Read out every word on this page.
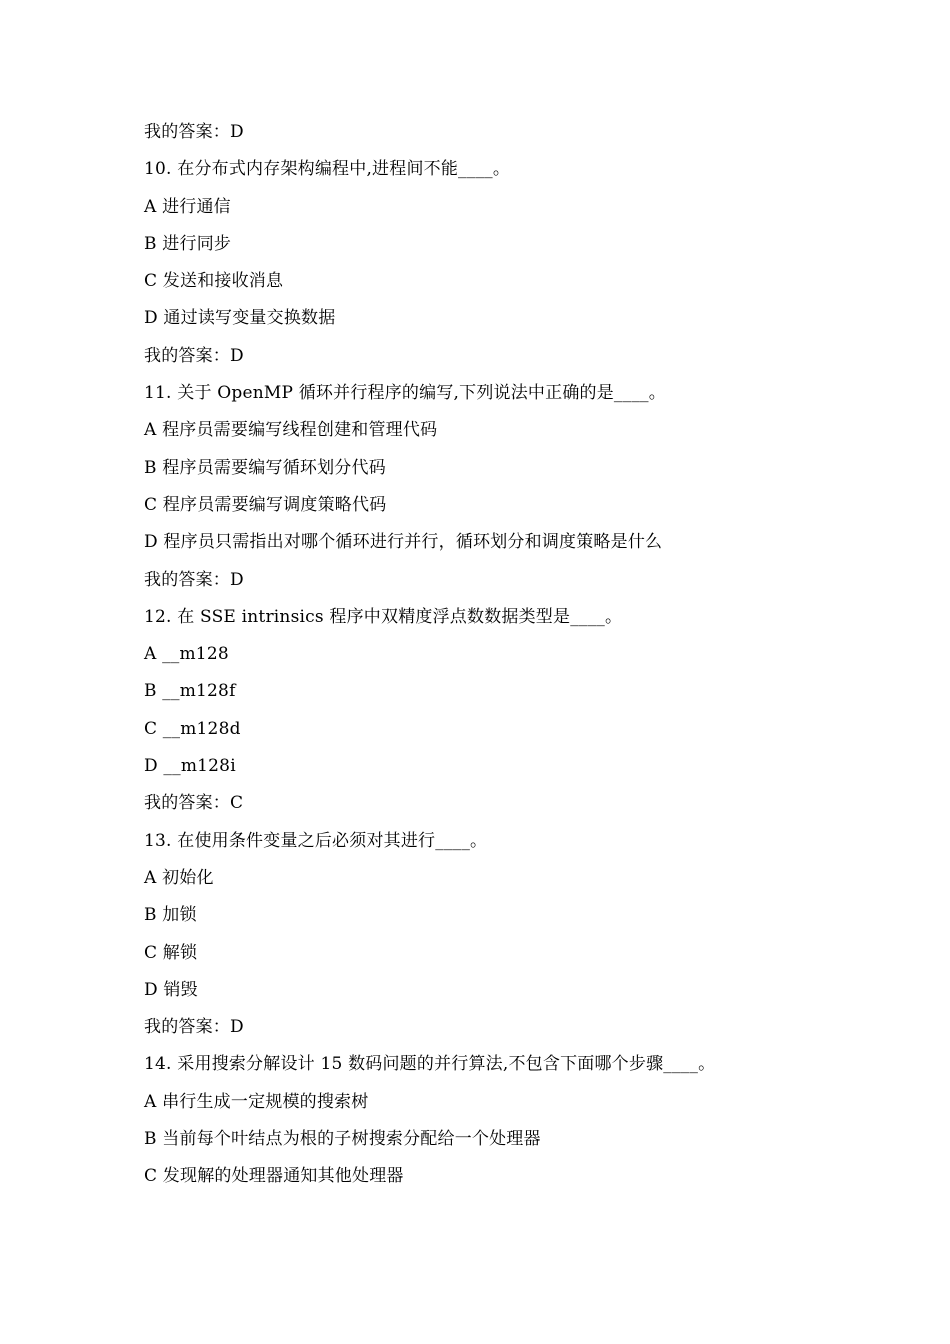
我的答案：D
10. 在分布式内存架构编程中,进程间不能____。
A 进行通信
B 进行同步
C 发送和接收消息
D 通过读写变量交换数据
我的答案：D
11. 关于 OpenMP 循环并行程序的编写,下列说法中正确的是____。
A 程序员需要编写线程创建和管理代码
B 程序员需要编写循环划分代码
C 程序员需要编写调度策略代码
D 程序员只需指出对哪个循环进行并行，循环划分和调度策略是什么
我的答案：D
12. 在 SSE intrinsics 程序中双精度浮点数数据类型是____。
A __m128
B __m128f
C __m128d
D __m128i
我的答案：C
13. 在使用条件变量之后必须对其进行____。
A 初始化
B 加锁
C 解锁
D 销毁
我的答案：D
14. 采用搜索分解设计 15 数码问题的并行算法,不包含下面哪个步骤____。
A 串行生成一定规模的搜索树
B 当前每个叶结点为根的子树搜索分配给一个处理器
C 发现解的处理器通知其他处理器
